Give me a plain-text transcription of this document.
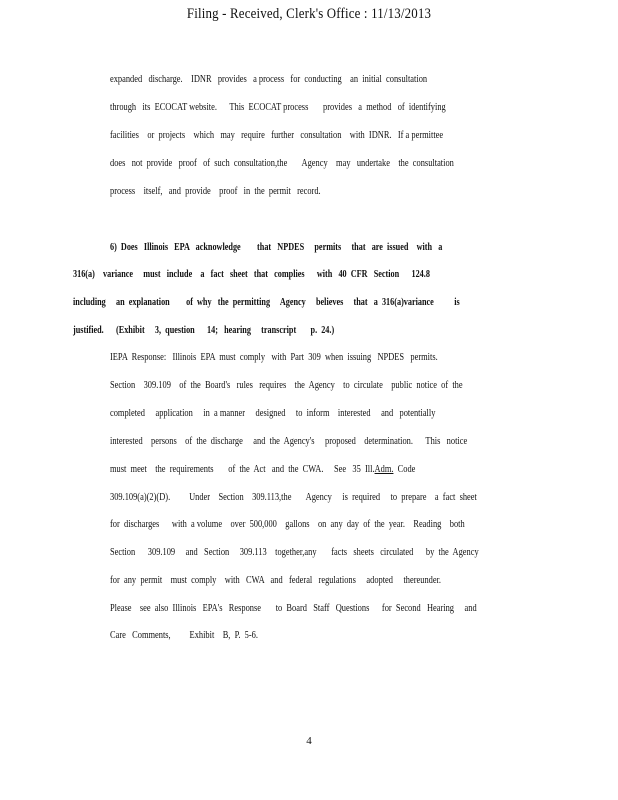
Filing - Received, Clerk's Office : 11/13/2013
expanded   discharge.    IDNR   provides   a process   for  conducting    an  initial  consultation
through   its  ECOCAT website.      This  ECOCAT process       provides   a  method   of  identifying
facilities    or  projects    which   may   require   further   consultation    with  IDNR.   If a permittee
does   not  provide   proof   of  such  consultation,the       Agency    may   undertake    the  consultation
process    itself,   and  provide    proof   in  the  permit   record.
6)  Does   Illinois   EPA   acknowledge        that   NPDES     permits     that   are  issued    with   a
316(a)    variance     must   include    a   fact   sheet   that   complies      with   40  CFR   Section      124.8
including     an  explanation        of  why   the  permitting     Agency     believes     that   a  316(a)variance          is
justified.      (Exhibit     3,  question      14;   hearing     transcript       p.  24.)
IEPA  Response:   Illinois  EPA  must  comply   with  Part  309  when  issuing   NPDES   permits.
Section    309.109    of  the  Board's   rules   requires    the  Agency    to  circulate    public  notice  of  the
completed     application     in  a manner     designed     to  inform    interested     and   potentially
interested    persons    of  the  discharge     and  the  Agency's     proposed    determination.      This   notice
must  meet    the  requirements       of  the  Act   and  the  CWA.     See   35  Ill.Adm.  Code
309.109(a)(2)(D).         Under    Section    309.113,the       Agency     is  required     to  prepare    a  fact  sheet
for  discharges      with  a volume    over  500,000    gallons    on  any  day  of  the  year.    Reading    both
Section      309.109     and   Section     309.113    together,any       facts   sheets   circulated      by  the  Agency
for  any  permit    must  comply    with   CWA   and   federal   regulations     adopted     thereunder.
Please    see  also  Illinois   EPA's   Response       to  Board   Staff   Questions      for  Second   Hearing     and
Care   Comments,         Exhibit    B,  P.  5-6.
4
